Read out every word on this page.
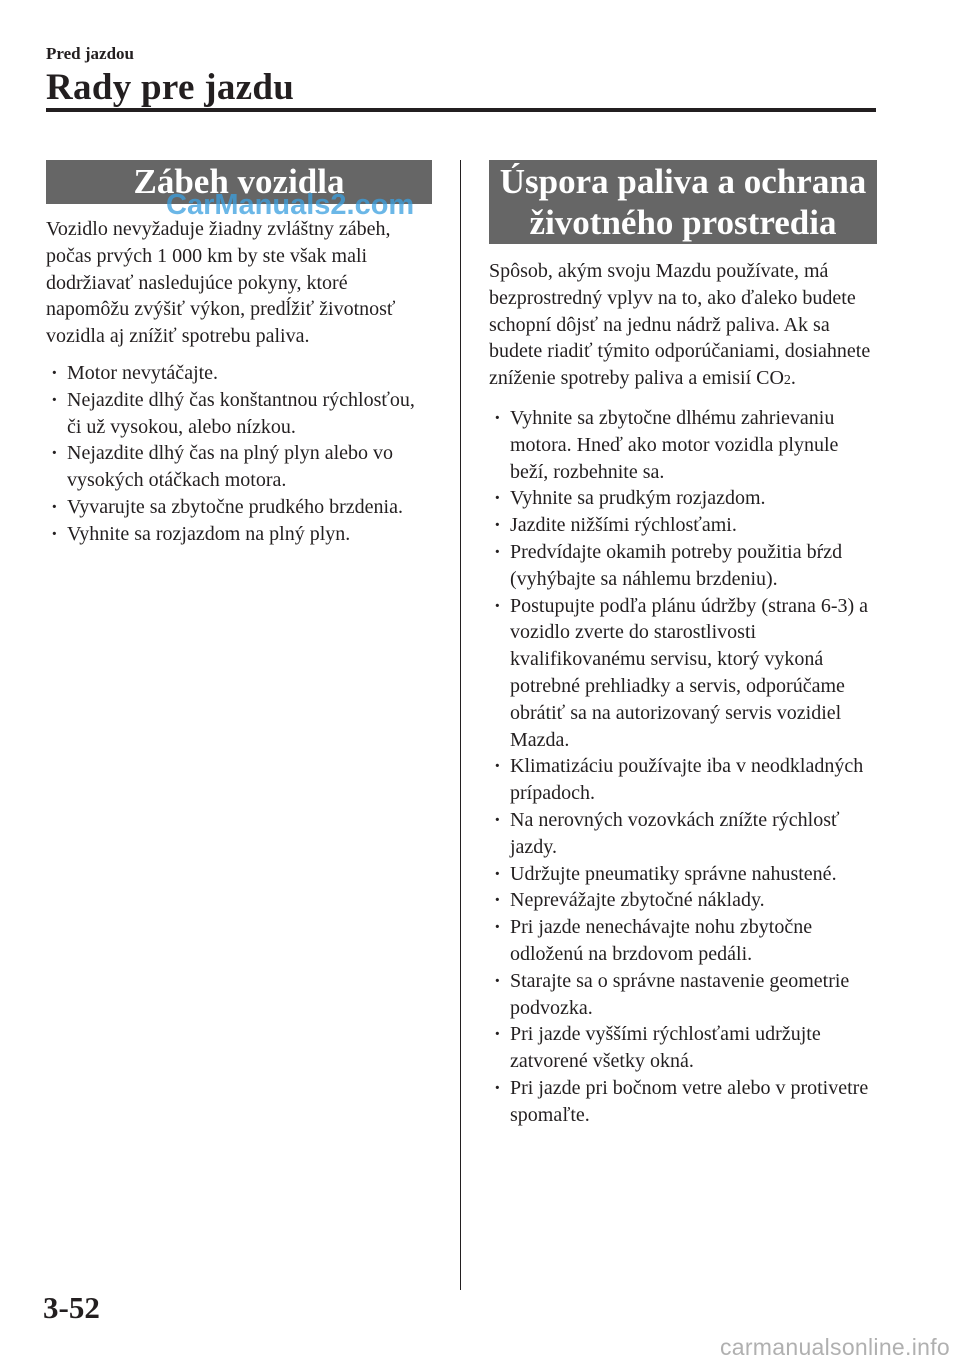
Pred jazdou
Rady pre jazdu
Zábeh vozidla
Vozidlo nevyžaduje žiadny zvláštny zábeh, počas prvých 1 000 km by ste však mali dodržiavať nasledujúce pokyny, ktoré napomôžu zvýšiť výkon, predĺžiť životnosť vozidla aj znížiť spotrebu paliva.
· Motor nevytáčajte.
· Nejazdite dlhý čas konštantnou rýchlosťou, či už vysokou, alebo nízkou.
· Nejazdite dlhý čas na plný plyn alebo vo vysokých otáčkach motora.
· Vyvarujte sa zbytočne prudkého brzdenia.
· Vyhnite sa rozjazdom na plný plyn.
Úspora paliva a ochrana
životného prostredia
Spôsob, akým svoju Mazdu používate, má bezprostredný vplyv na to, ako ďaleko budete schopní dôjsť na jednu nádrž paliva. Ak sa budete riadiť týmito odporúčaniami, dosiahnete zníženie spotreby paliva a emisií CO2.
· Vyhnite sa zbytočne dlhému zahrievaniu motora. Hneď ako motor vozidla plynule beží, rozbehnite sa.
· Vyhnite sa prudkým rozjazdom.
· Jazdite nižšími rýchlosťami.
· Predvídajte okamih potreby použitia bŕzd (vyhýbajte sa náhlemu brzdeniu).
· Postupujte podľa plánu údržby (strana 6-3) a vozidlo zverte do starostlivosti kvalifikovanému servisu, ktorý vykoná potrebné prehliadky a servis, odporúčame obrátiť sa na autorizovaný servis vozidiel Mazda.
· Klimatizáciu používajte iba v neodkladných prípadoch.
· Na nerovných vozovkách znížte rýchlosť jazdy.
· Udržujte pneumatiky správne nahustené.
· Neprevážajte zbytočné náklady.
· Pri jazde nenechávajte nohu zbytočne odloženú na brzdovom pedáli.
· Starajte sa o správne nastavenie geometrie podvozka.
· Pri jazde vyššími rýchlosťami udržujte zatvorené všetky okná.
· Pri jazde pri bočnom vetre alebo v protivetre spomaľte.
CarManuals2.com
3-52
carmanualsonline.info
